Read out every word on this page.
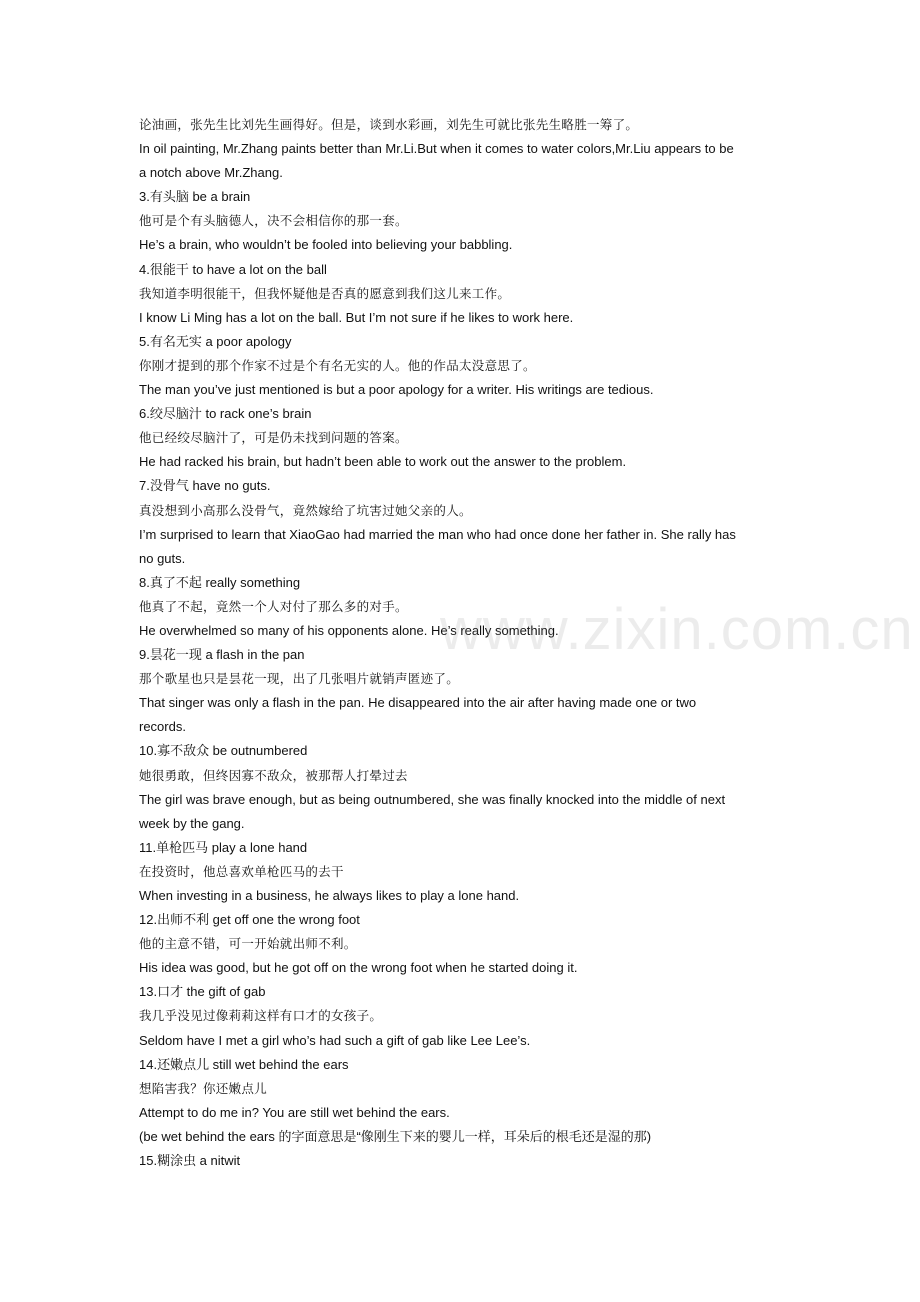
论油画，张先生比刘先生画得好。但是，谈到水彩画，刘先生可就比张先生略胜一筹了。
In oil painting, Mr.Zhang paints better than Mr.Li.But when it comes to water colors,Mr.Liu appears to be
a notch above Mr.Zhang.
3.有头脑 be a brain
他可是个有头脑德人，决不会相信你的那一套。
He’s a brain, who wouldn’t be fooled into believing your babbling.
4.很能干 to have a lot on the ball
我知道李明很能干，但我怀疑他是否真的愿意到我们这儿来工作。
I know Li Ming has a lot on the ball. But I’m not sure if he likes to work here.
5.有名无实 a poor apology
你刚才提到的那个作家不过是个有名无实的人。他的作品太没意思了。
The man you’ve just mentioned is but a poor apology for a writer. His writings are tedious.
6.绞尽脑汁 to rack one’s brain
他已经绞尽脑汁了，可是仍未找到问题的答案。
He had racked his brain, but hadn’t been able to work out the answer to the problem.
7.没骨气 have no guts.
真没想到小高那么没骨气，竟然嫁给了坑害过她父亲的人。
I’m surprised to learn that XiaoGao had married the man who had once done her father in. She rally has
no guts.
8.真了不起 really something
他真了不起，竟然一个人对付了那么多的对手。
He overwhelmed so many of his opponents alone. He’s really something.
9.昙花一现 a flash in the pan
那个歌星也只是昙花一现，出了几张唱片就销声匿迹了。
That singer was only a flash in the pan. He disappeared into the air after having made one or two
records.
10.寡不敌众 be outnumbered
她很勇敢，但终因寡不敌众，被那帮人打晕过去
The girl was brave enough, but as being outnumbered, she was finally knocked into the middle of next
week by the gang.
11.单枪匹马 play a lone hand
在投资时，他总喜欢单枪匹马的去干
When investing in a business, he always likes to play a lone hand.
12.出师不利 get off one the wrong foot
他的主意不错，可一开始就出师不利。
His idea was good, but he got off on the wrong foot when he started doing it.
13.口才 the gift of gab
我几乎没见过像莉莉这样有口才的女孩子。
Seldom have I met a girl who’s had such a gift of gab like Lee Lee’s.
14.还嫩点儿 still wet behind the ears
想陷害我？你还嫩点儿
Attempt to do me in? You are still wet behind the ears.
(be wet behind the ears 的字面意思是“像刚生下来的婴儿一样，耳朵后的根毛还是湿的那)
15.糊涂虫 a nitwit
www.zixin.com.cn
